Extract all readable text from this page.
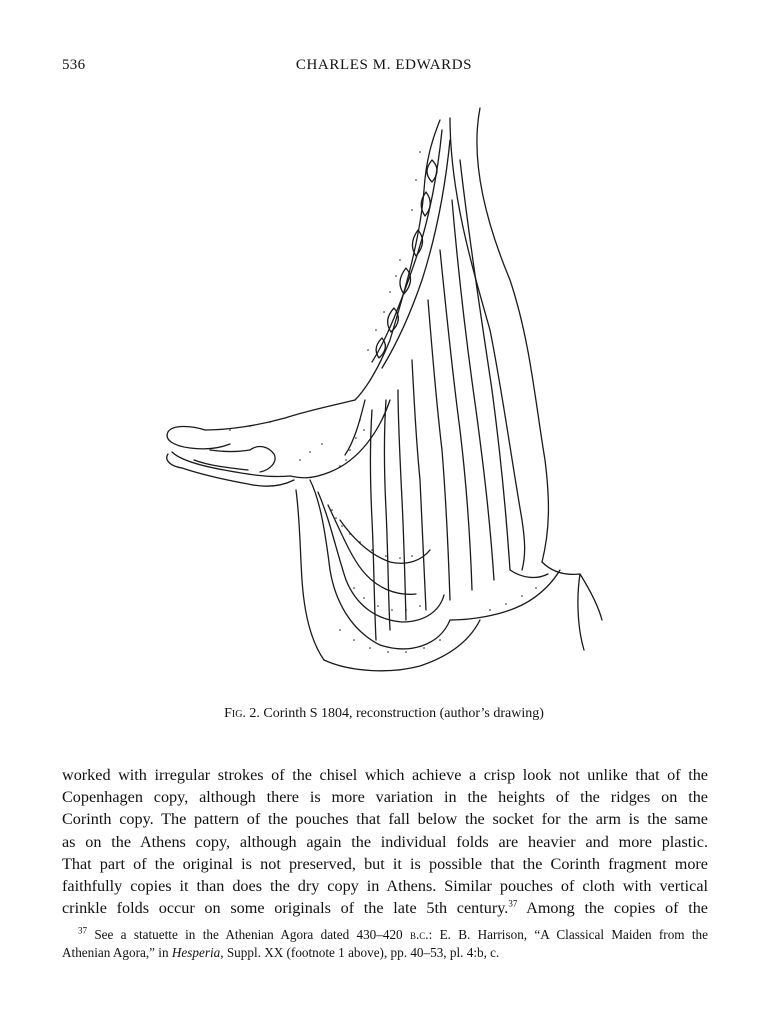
536	CHARLES M. EDWARDS
Fig. 2. Corinth S 1804, reconstruction (author’s drawing)
worked with irregular strokes of the chisel which achieve a crisp look not unlike that of the
Copenhagen copy, although there is more variation in the heights of the ridges on the
Corinth copy. The pattern of the pouches that fall below the socket for the arm is the same
as on the Athens copy, although again the individual folds are heavier and more plastic.
That part of the original is not preserved, but it is possible that the Corinth fragment more
faithfully copies it than does the dry copy in Athens. Similar pouches of cloth with vertical
crinkle folds occur on some originals of the late 5th century.$^{37}$ Among the copies of the
$^{37}$ See a statuette in the Athenian Agora dated 430–420 b.c.: E. B. Harrison, “A Classical Maiden from the
Athenian Agora,” in Hesperia, Suppl. XX (footnote 1 above), pp. 40–53, pl. 4:b, c.
